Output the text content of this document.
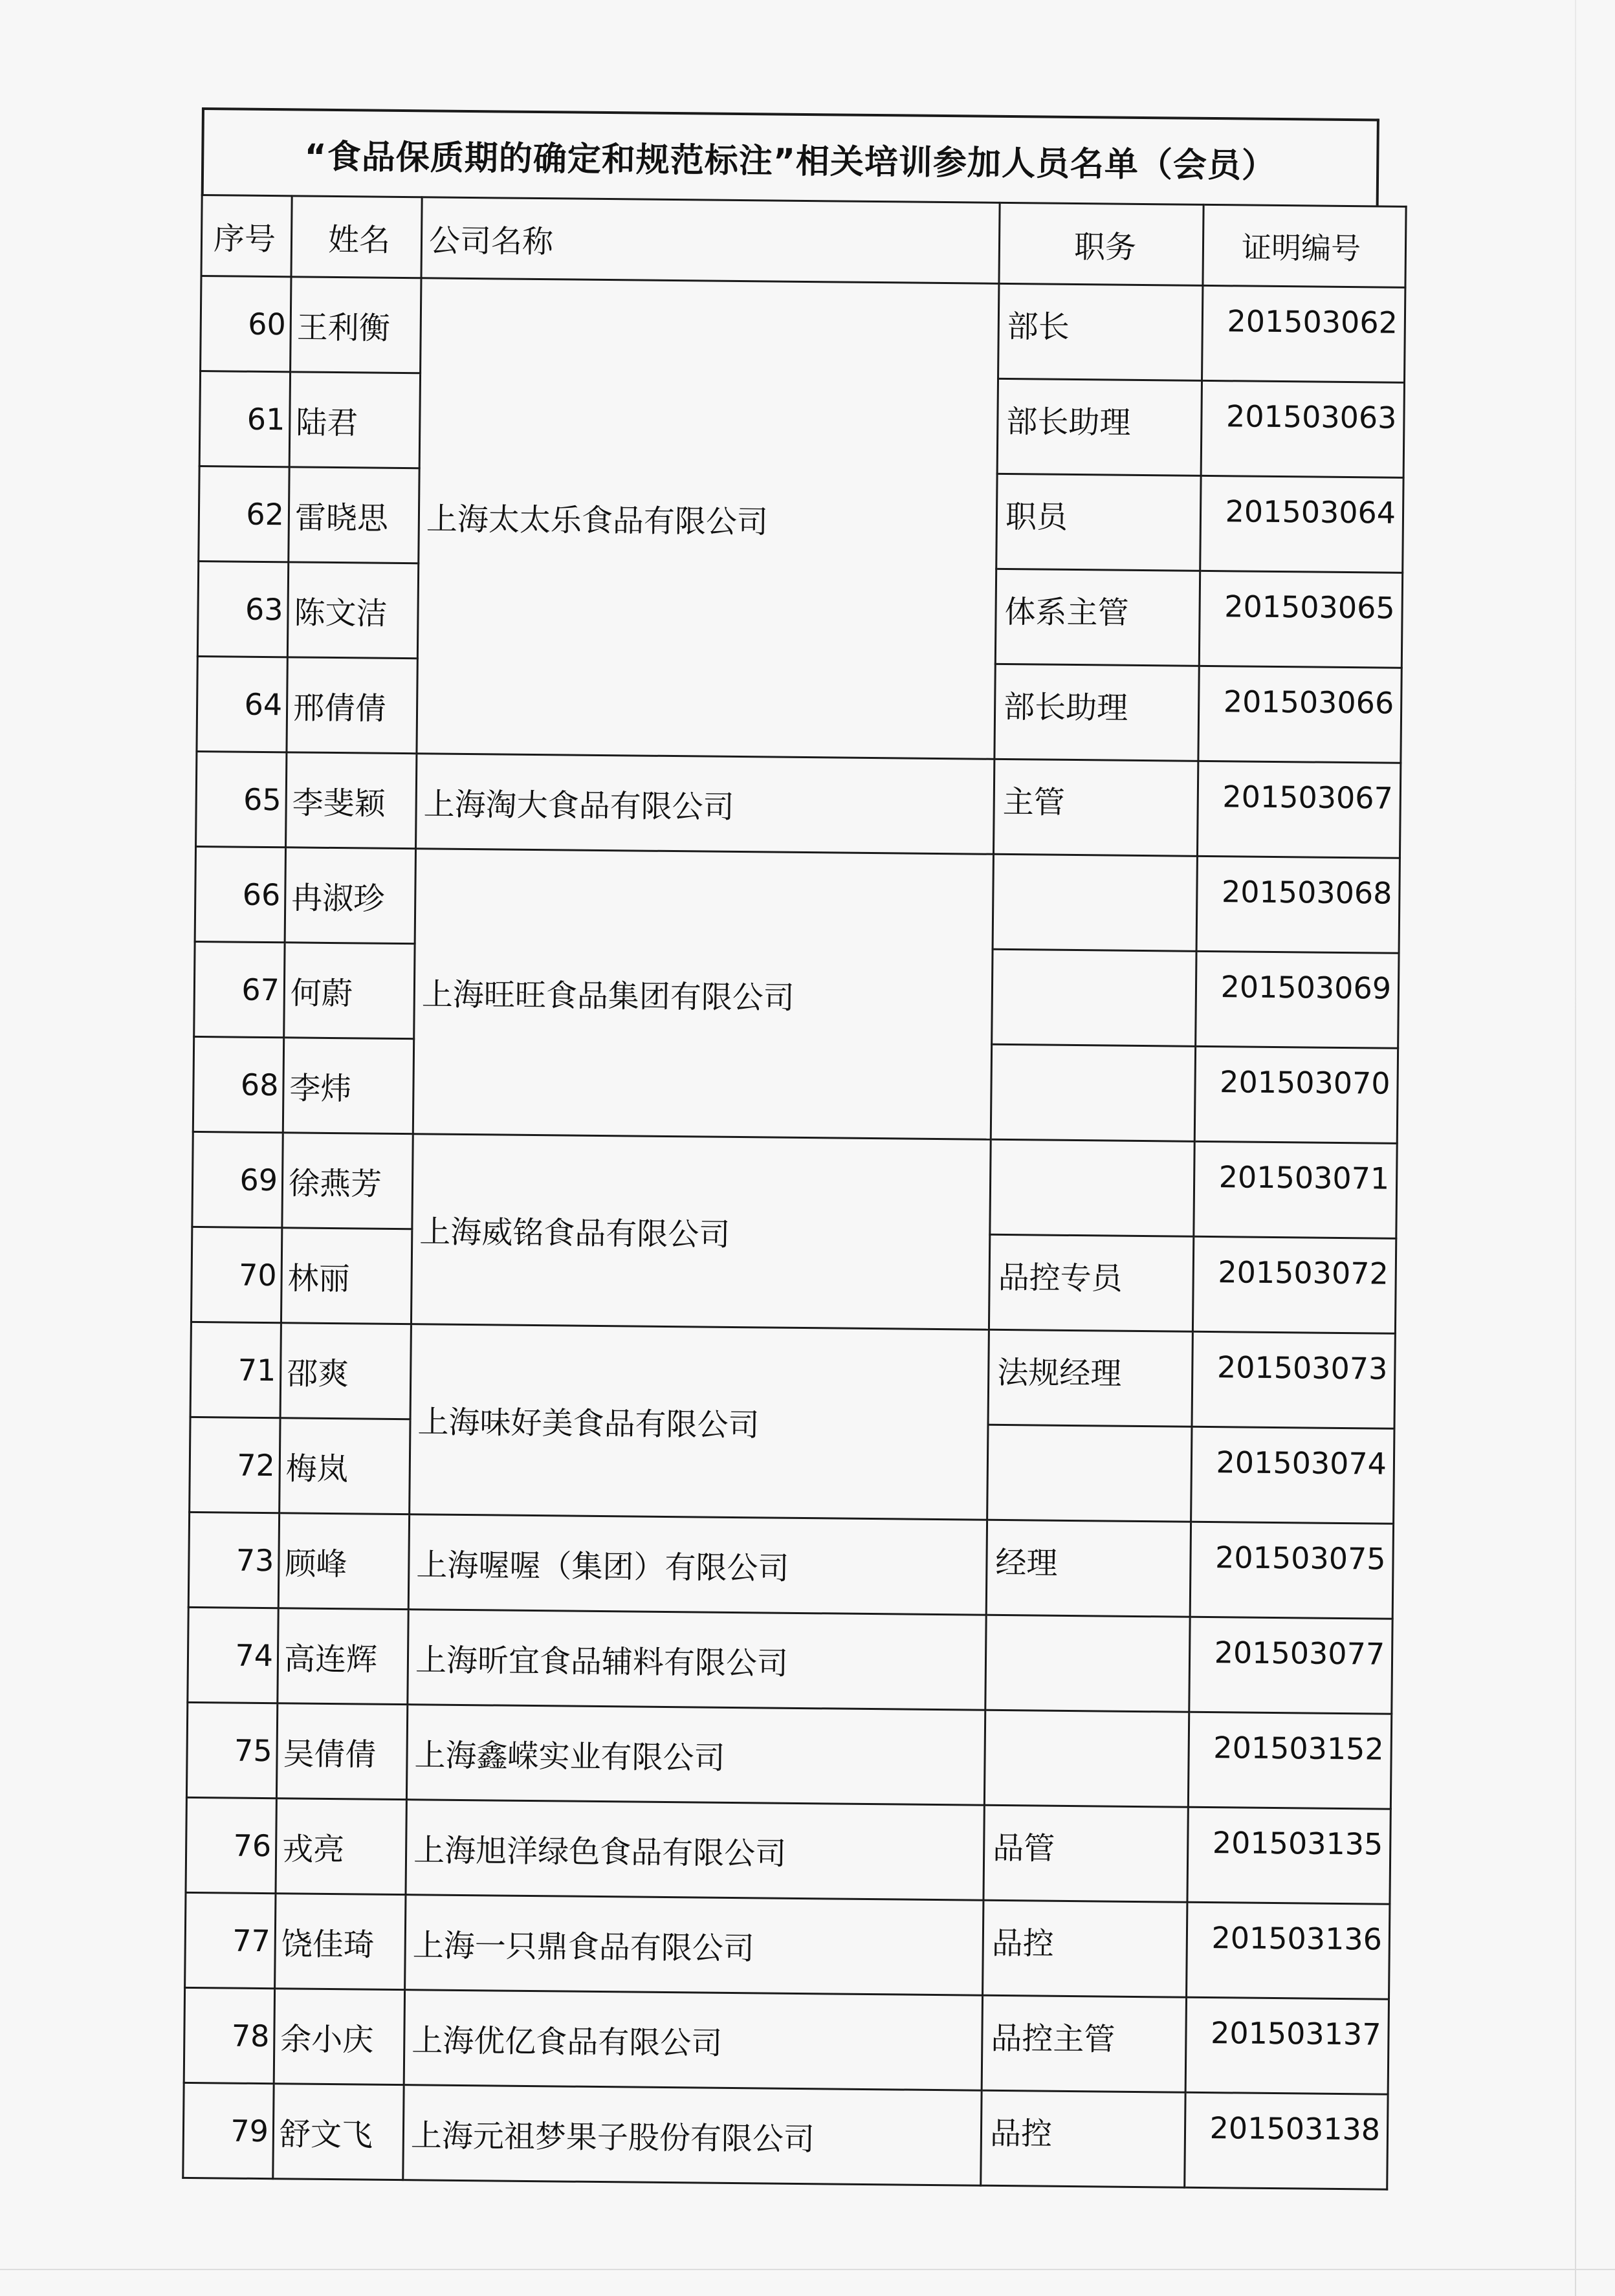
“食品保质期的确定和规范标注”相关培训参加人员名单（会员）
序号	姓名	公司名称	职务	证明编号
60	王利衡	上海太太乐食品有限公司	部长	201503062
61	陆君		部长助理	201503063
62	雷晓思		职员	201503064
63	陈文洁		体系主管	201503065
64	邢倩倩		部长助理	201503066
65	李斐颖	上海淘大食品有限公司	主管	201503067
66	冉淑珍	上海旺旺食品集团有限公司		201503068
67	何蔚			201503069
68	李炜			201503070
69	徐燕芳	上海威铭食品有限公司		201503071
70	林丽		品控专员	201503072
71	邵爽	上海味好美食品有限公司	法规经理	201503073
72	梅岚			201503074
73	顾峰	上海喔喔（集团）有限公司	经理	201503075
74	高连辉	上海昕宜食品辅料有限公司		201503077
75	吴倩倩	上海鑫嵘实业有限公司		201503152
76	戎亮	上海旭洋绿色食品有限公司	品管	201503135
77	饶佳琦	上海一只鼎食品有限公司	品控	201503136
78	余小庆	上海优亿食品有限公司	品控主管	201503137
79	舒文飞	上海元祖梦果子股份有限公司	品控	201503138
